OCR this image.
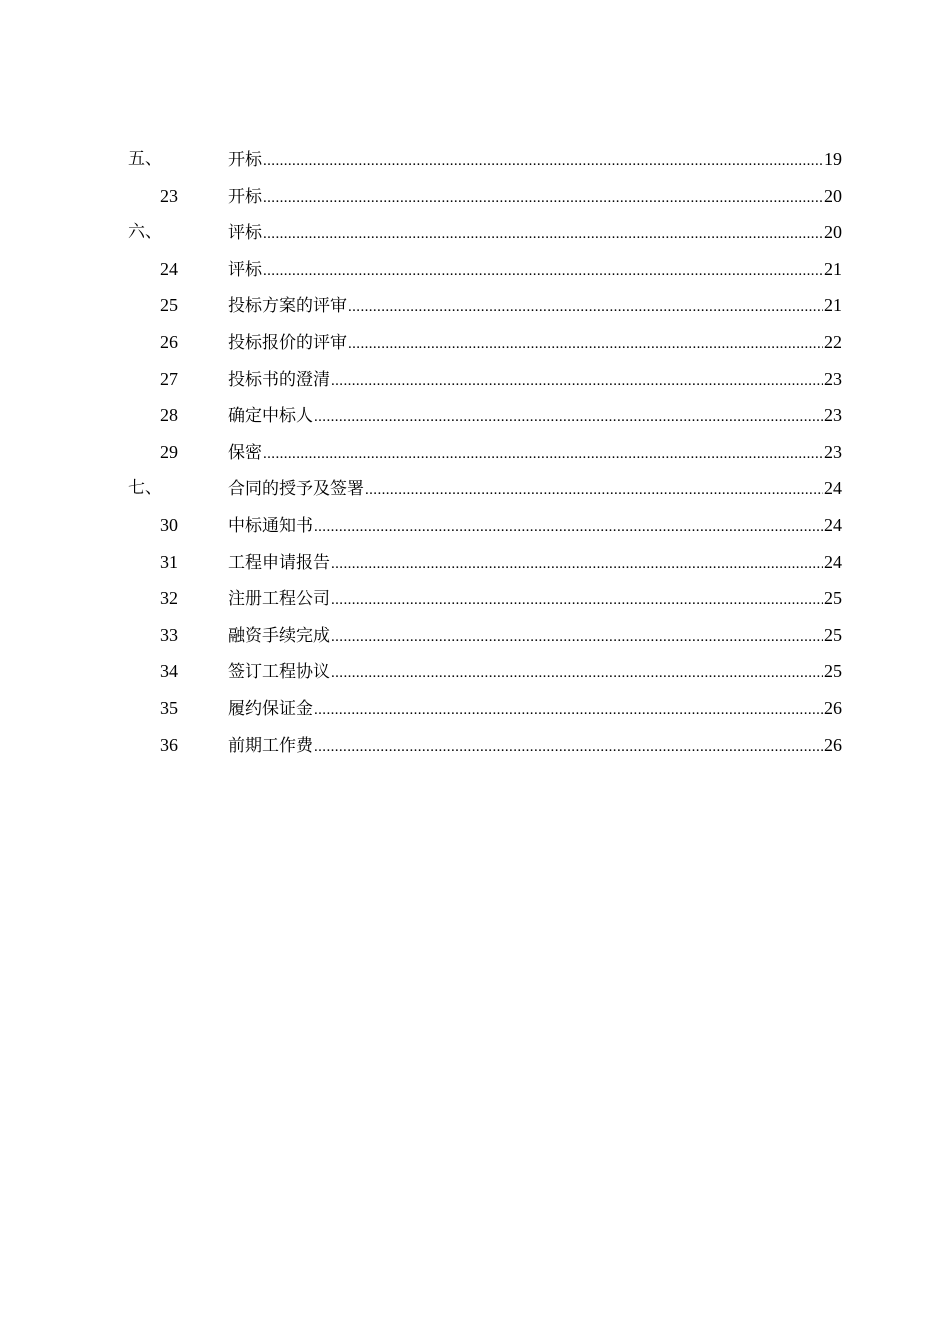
五、	开标 .....	19
23	开标 .....	20
六、	评标 .....	20
24	评标 .....	21
25	投标方案的评审 .....	21
26	投标报价的评审 .....	22
27	投标书的澄清 .....	23
28	确定中标人 .....	23
29	保密 .....	23
七、	合同的授予及签署 .....	24
30	中标通知书 .....	24
31	工程申请报告 .....	24
32	注册工程公司 .....	25
33	融资手续完成 .....	25
34	签订工程协议 .....	25
35	履约保证金 .....	26
36	前期工作费 .....	26
